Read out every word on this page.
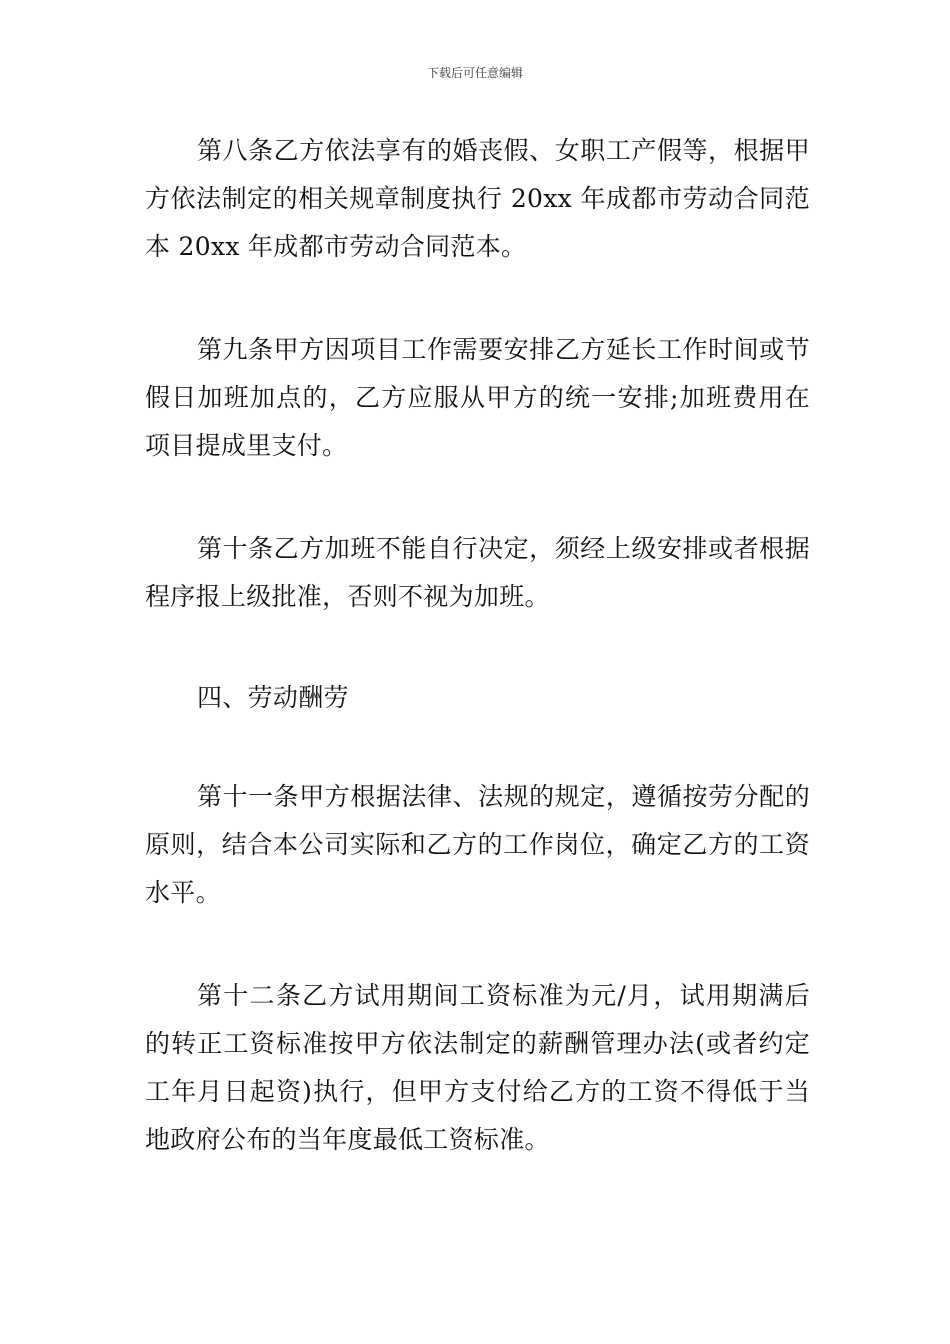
下载后可任意编辑

第八条乙方依法享有的婚丧假、女职工产假等，根据甲方依法制定的相关规章制度执行 20xx 年成都市劳动合同范本 20xx 年成都市劳动合同范本。

第九条甲方因项目工作需要安排乙方延长工作时间或节假日加班加点的，乙方应服从甲方的统一安排;加班费用在项目提成里支付。

第十条乙方加班不能自行决定，须经上级安排或者根据程序报上级批准，否则不视为加班。

四、劳动酬劳

第十一条甲方根据法律、法规的规定，遵循按劳分配的原则，结合本公司实际和乙方的工作岗位，确定乙方的工资水平。

第十二条乙方试用期间工资标准为元/月，试用期满后的转正工资标准按甲方依法制定的薪酬管理办法(或者约定工年月日起资)执行，但甲方支付给乙方的工资不得低于当地政府公布的当年度最低工资标准。
